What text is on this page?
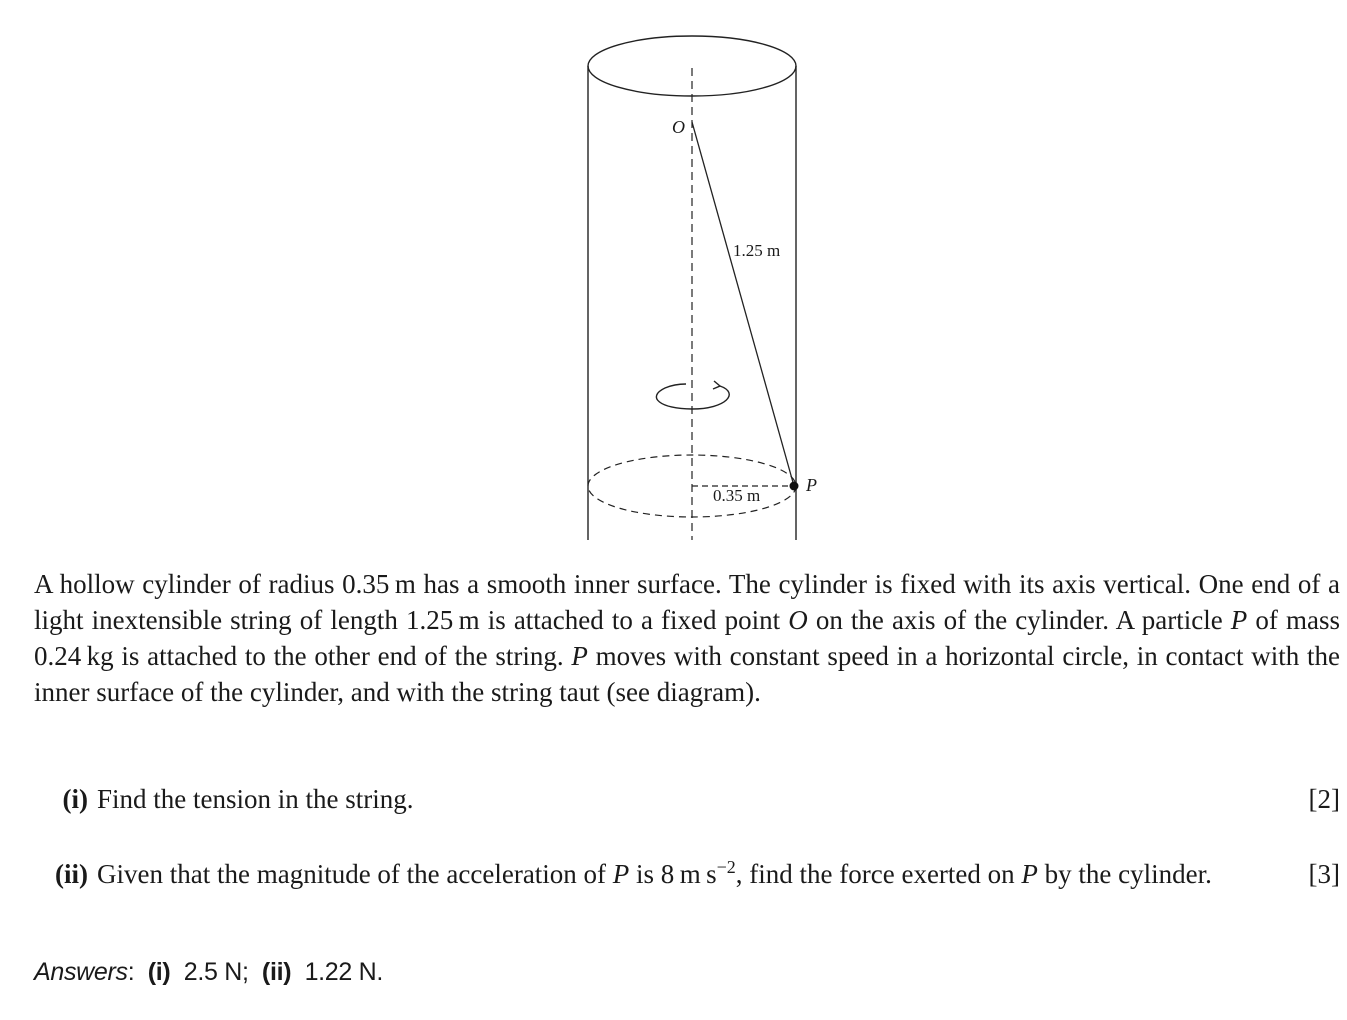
O
P
1.25 m
0.35 m
A hollow cylinder of radius 0.35 m has a smooth inner surface. The cylinder is fixed with its axis vertical. One end of a light inextensible string of length 1.25 m is attached to a fixed point O on the axis of the cylinder. A particle P of mass 0.24 kg is attached to the other end of the string. P moves with constant speed in a horizontal circle, in contact with the inner surface of the cylinder, and with the string taut (see diagram).
(i)	[2]
Find the tension in the string.
(ii) Given that the magnitude of the acceleration of P is 8 m $s^{-2}$, find the force exerted on P by the cylinder.	[3]
Answers: (i) 2.5 N; (ii) 1.22 N.
